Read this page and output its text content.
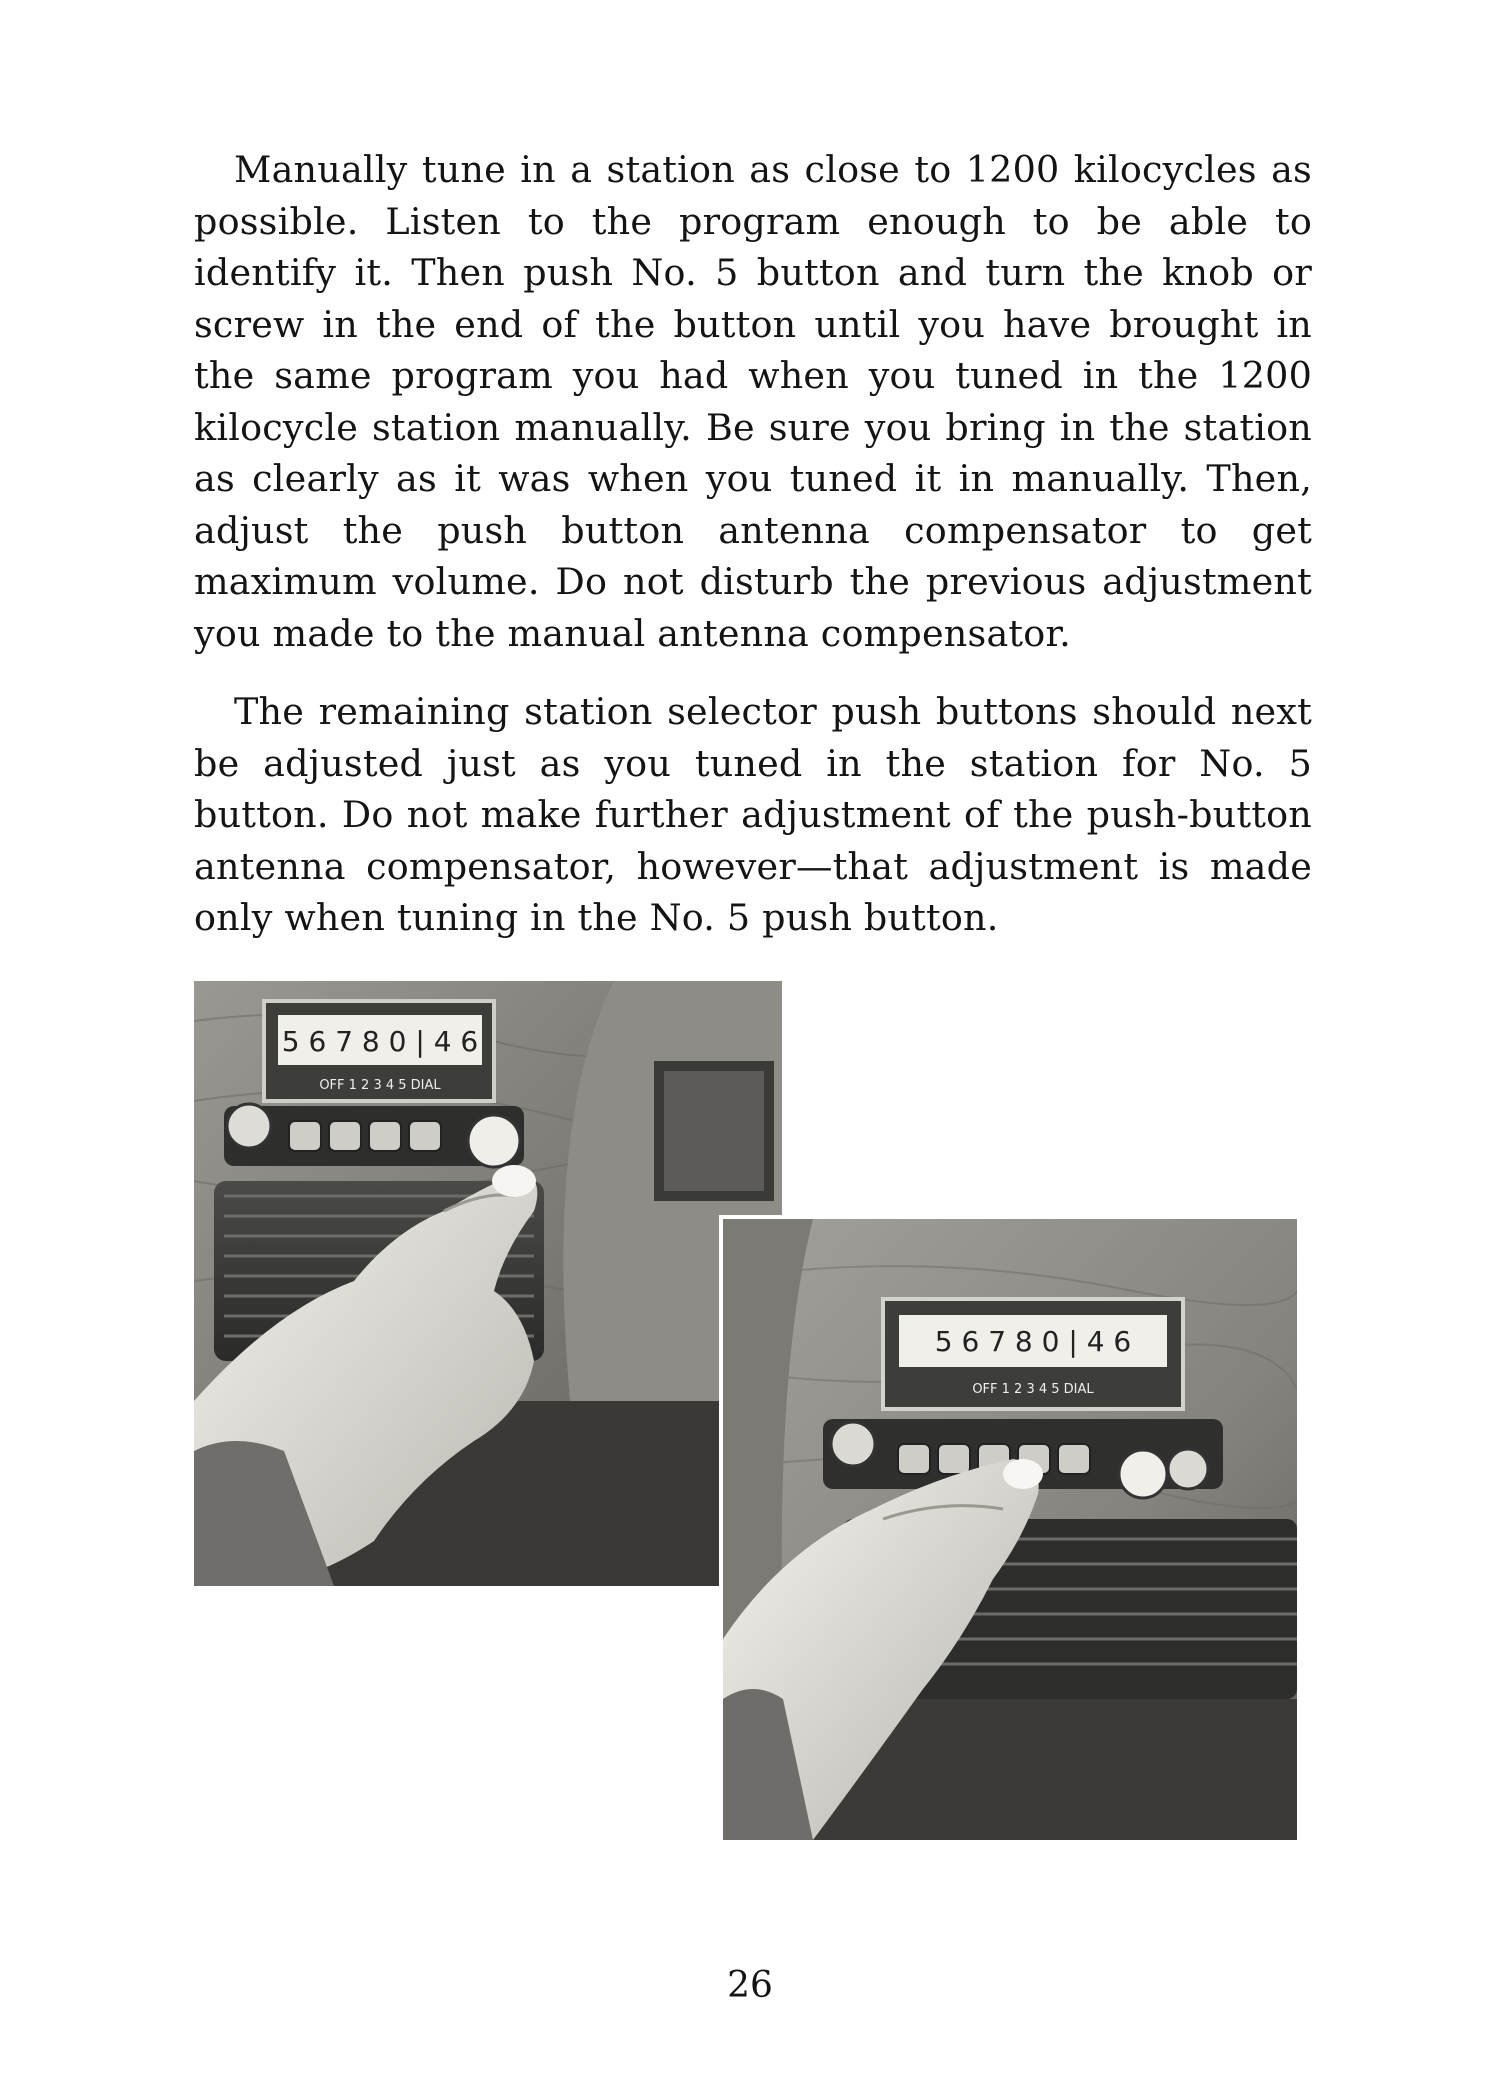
Manually tune in a station as close to 1200 kilocycles as possible. Listen to the program enough to be able to identify it. Then push No. 5 button and turn the knob or screw in the end of the button until you have brought in the same program you had when you tuned in the 1200 kilocycle station manually. Be sure you bring in the station as clearly as it was when you tuned it in manually. Then, adjust the push button antenna compensator to get maximum volume. Do not disturb the previous adjustment you made to the manual antenna compensator.

The remaining station selector push buttons should next be adjusted just as you tuned in the station for No. 5 button. Do not make further adjustment of the push-button antenna compensator, however—that adjustment is made only when tuning in the No. 5 push button.

5 6 7 8 0 | 4 6
OFF 1 2 3 4 5 DIAL
5 6 7 8 0 | 4 6
OFF 1 2 3 4 5 DIAL

26
